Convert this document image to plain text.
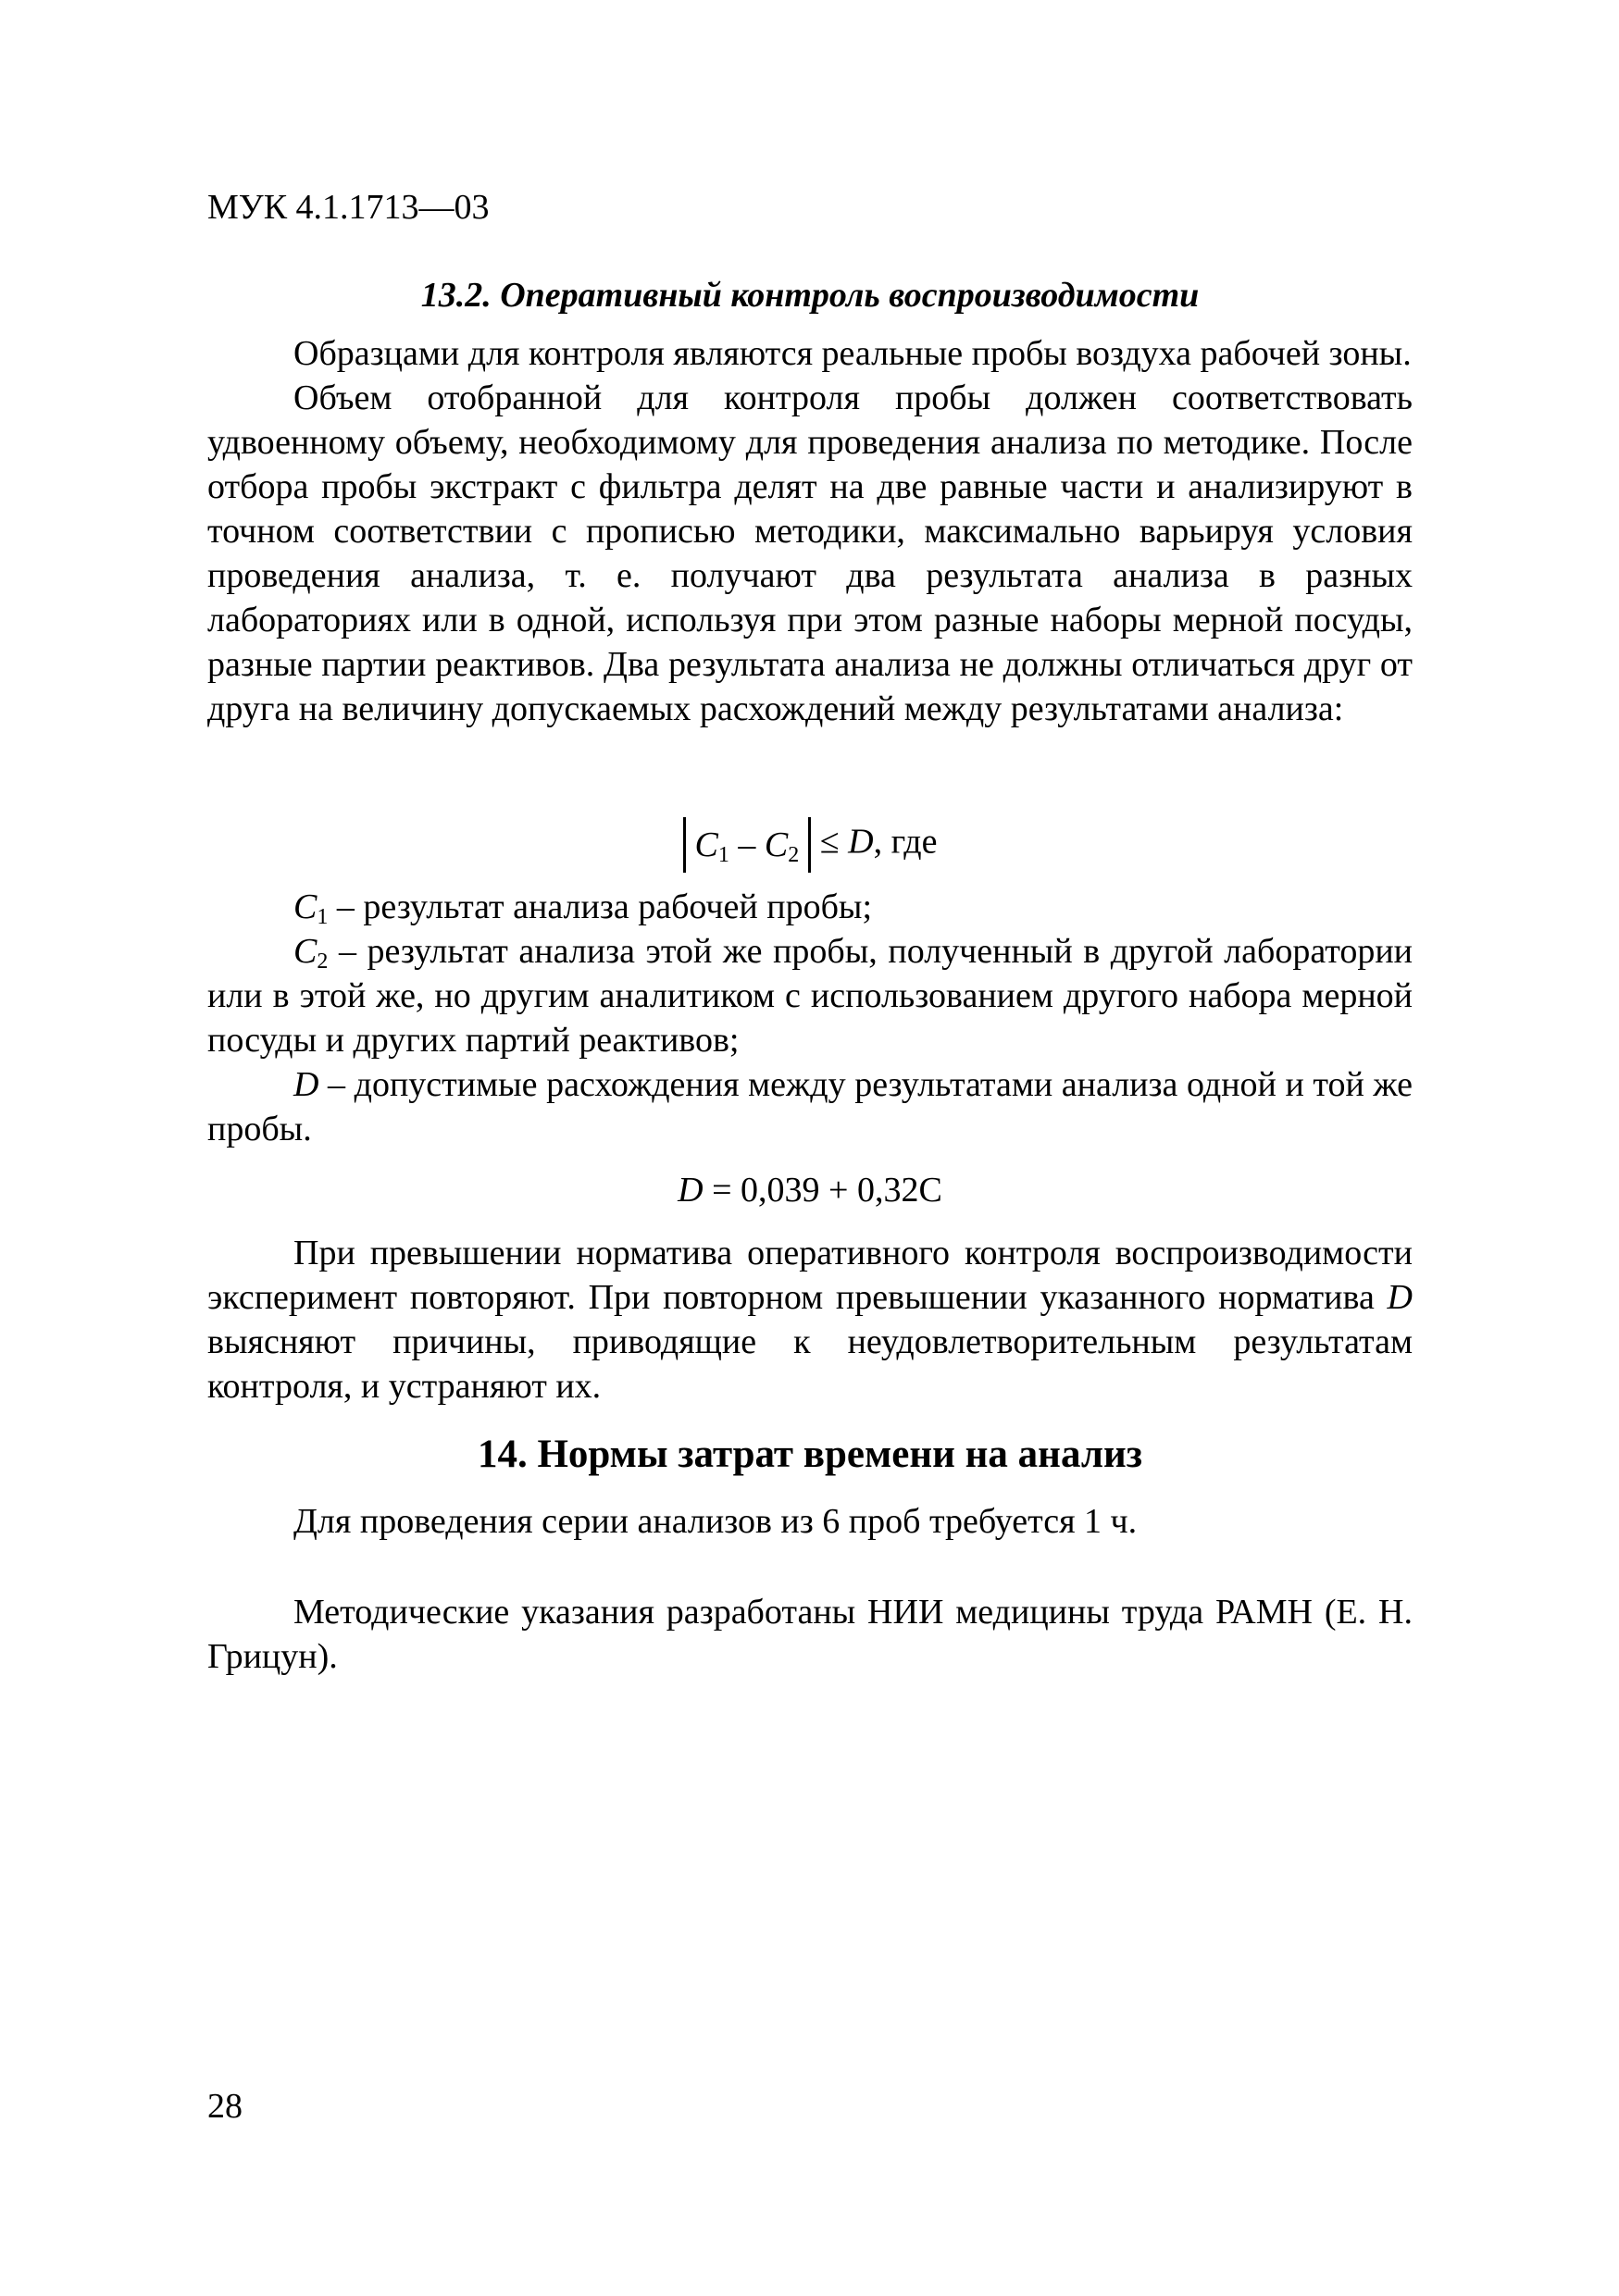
МУК 4.1.1713—03
13.2. Оперативный контроль воспроизводимости

Образцами для контроля являются реальные пробы воздуха рабочей зоны.

Объем отобранной для контроля пробы должен соответствовать удвоенному объему, необходимому для проведения анализа по методике. После отбора пробы экстракт с фильтра делят на две равные части и анализируют в точном соответствии с прописью методики, максимально варьируя условия проведения анализа, т. е. получают два результата анализа в разных лабораториях или в одной, используя при этом разные наборы мерной посуды, разные партии реактивов. Два результата анализа не должны отличаться друг от друга на величину допускаемых расхождений между результатами анализа:

$C_1 - C_2 \le D$, где

$C_1$ – результат анализа рабочей пробы;

$C_2$ – результат анализа этой же пробы, полученный в другой лаборатории или в этой же, но другим аналитиком с использованием другого набора мерной посуды и других партий реактивов;

D – допустимые расхождения между результатами анализа одной и той же пробы.

D = 0,039 + 0,32С

При превышении норматива оперативного контроля воспроизводимости эксперимент повторяют. При повторном превышении указанного норматива D выясняют причины, приводящие к неудовлетворительным результатам контроля, и устраняют их.

14. Нормы затрат времени на анализ

Для проведения серии анализов из 6 проб требуется 1 ч.

Методические указания разработаны НИИ медицины труда РАМН (Е. Н. Грицун).

28
